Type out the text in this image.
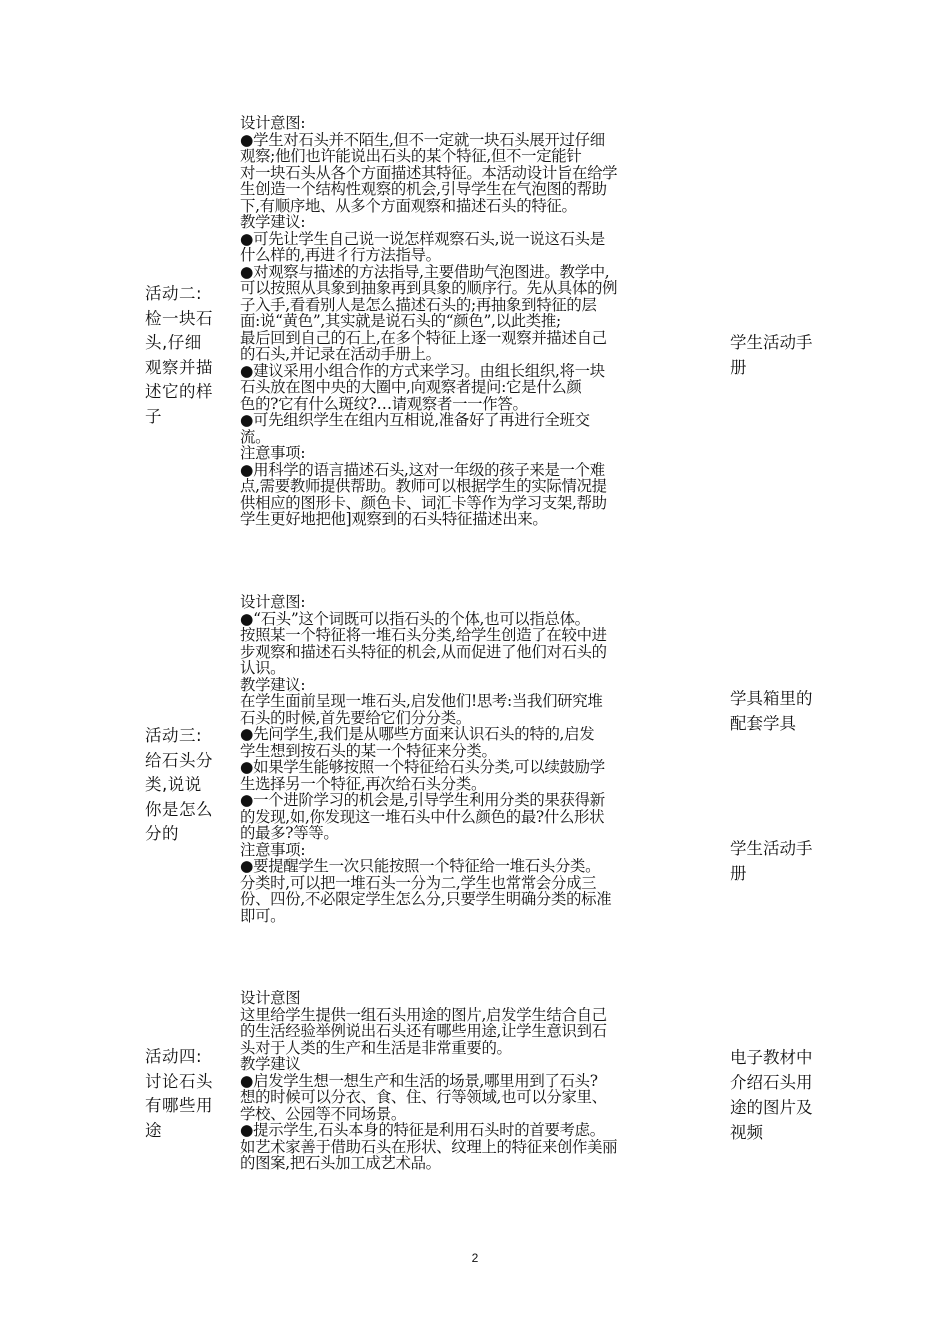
活动二:
检一块石
头,仔细
观察并描
述它的样
子
设计意图:
●学生对石头并不陌生,但不一定就一块石头展开过仔细
观察;他们也许能说出石头的某个特征,但不一定能针
对一块石头从各个方面描述其特征。本活动设计旨在给学
生创造一个结构性观察的机会,引导学生在气泡图的帮助
下,有顺序地、从多个方面观察和描述石头的特征。
教学建议:
●可先让学生自己说一说怎样观察石头,说一说这石头是
什么样的,再进彳行方法指导。
●对观察与描述的方法指导,主要借助气泡图进。教学中,
可以按照从具象到抽象再到具象的顺序行。先从具体的例
子入手,看看别人是怎么描述石头的;再抽象到特征的层
面:说“黄色”,其实就是说石头的“颜色”,以此类推;
最后回到自己的石上,在多个特征上逐一观察并描述自己
的石头,并记录在活动手册上。
●建议采用小组合作的方式来学习。由组长组织,将一块
石头放在图中央的大圈中,向观察者提问:它是什么颜
色的?它有什么斑纹?…请观察者一一作答。
●可先组织学生在组内互相说,准备好了再进行全班交
流。
注意事项:
●用科学的语言描述石头,这对一年级的孩子来是一个难
点,需要教师提供帮助。教师可以根据学生的实际情况提
供相应的图形卡、颜色卡、词汇卡等作为学习支架,帮助
学生更好地把他]观察到的石头特征描述出来。
学生活动手
册
活动三:
给石头分
类,说说
你是怎么
分的
设计意图:
●“石头”这个词既可以指石头的个体,也可以指总体。
按照某一个特征将一堆石头分类,给学生创造了在较中进
步观察和描述石头特征的机会,从而促进了他们对石头的
认识。
教学建议:
在学生面前呈现一堆石头,启发他们!思考:当我们研究堆
石头的时候,首先要给它们分分类。
●先问学生,我们是从哪些方面来认识石头的特的,启发
学生想到按石头的某一个特征来分类。
●如果学生能够按照一个特征给石头分类,可以续鼓励学
生选择另一个特征,再次给石头分类。
●一个进阶学习的机会是,引导学生利用分类的果获得新
的发现,如,你发现这一堆石头中什么颜色的最?什么形状
的最多?等等。
注意事项:
●要提醒学生一次只能按照一个特征给一堆石头分类。
分类时,可以把一堆石头一分为二,学生也常常会分成三
份、四份,不必限定学生怎么分,只要学生明确分类的标准
即可。
学具箱里的
配套学具
学生活动手
册
活动四:
讨论石头
有哪些用
途
设计意图
这里给学生提供一组石头用途的图片,启发学生结合自己
的生活经验举例说出石头还有哪些用途,让学生意识到石
头对于人类的生产和生活是非常重要的。
教学建议
●启发学生想一想生产和生活的场景,哪里用到了石头?
想的时候可以分衣、食、住、行等领域,也可以分家里、
学校、公园等不同场景。
●提示学生,石头本身的特征是利用石头时的首要考虑。
如艺术家善于借助石头在形状、纹理上的特征来创作美丽
的图案,把石头加工成艺术品。
电子教材中
介绍石头用
途的图片及
视频
2
